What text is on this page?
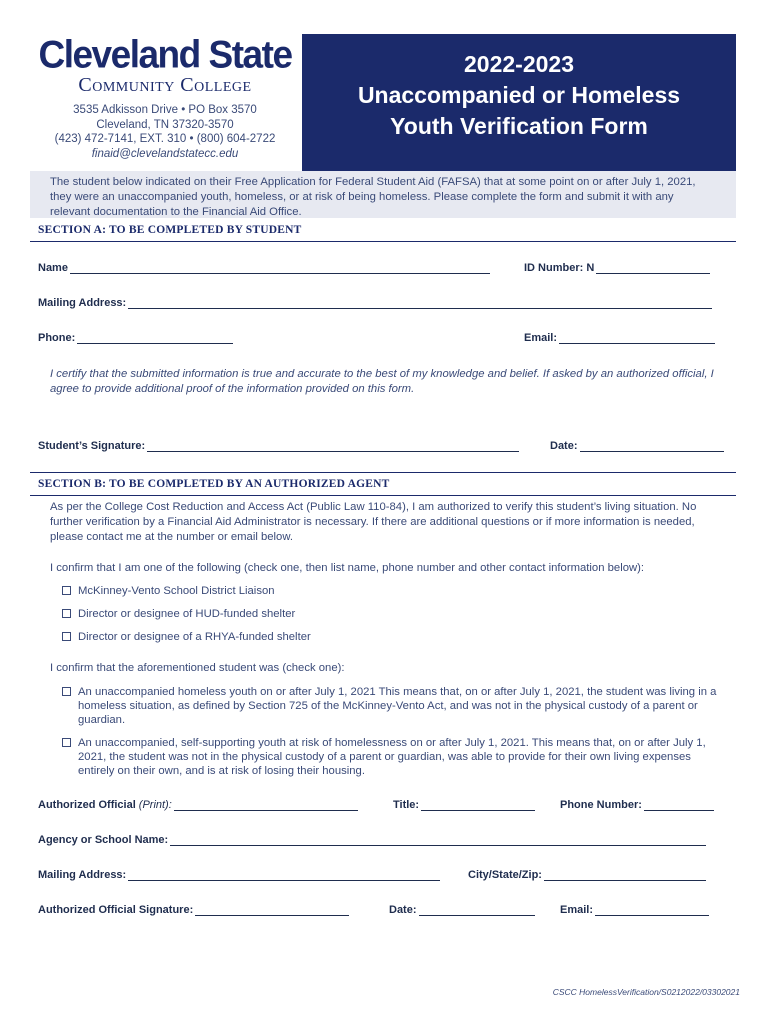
Cleveland State
Community College
3535 Adkisson Drive • PO Box 3570
Cleveland, TN 37320-3570
(423) 472-7141, EXT. 310 • (800) 604-2722
finaid@clevelandstatecc.edu
2022-2023
Unaccompanied or Homeless
Youth Verification Form
The student below indicated on their Free Application for Federal Student Aid (FAFSA) that at some point on or after July 1, 2021, they were an unaccompanied youth, homeless, or at risk of being homeless. Please complete the form and submit it with any relevant documentation to the Financial Aid Office.
SECTION A: TO BE COMPLETED BY STUDENT
Name	ID Number: N
Mailing Address:
Phone:	Email:
I certify that the submitted information is true and accurate to the best of my knowledge and belief. If asked by an authorized official, I agree to provide additional proof of the information provided on this form.
Student’s Signature:	Date:
SECTION B: TO BE COMPLETED BY AN AUTHORIZED AGENT
As per the College Cost Reduction and Access Act (Public Law 110-84), I am authorized to verify this student’s living situation. No further verification by a Financial Aid Administrator is necessary. If there are additional questions or if more information is needed, please contact me at the number or email below.
I confirm that I am one of the following (check one, then list name, phone number and other contact information below):
McKinney-Vento School District Liaison
Director or designee of HUD-funded shelter
Director or designee of a RHYA-funded shelter
I confirm that the aforementioned student was (check one):
An unaccompanied homeless youth on or after July 1, 2021 This means that, on or after July 1, 2021, the student was living in a homeless situation, as defined by Section 725 of the McKinney-Vento Act, and was not in the physical custody of a parent or guardian.
An unaccompanied, self-supporting youth at risk of homelessness on or after July 1, 2021. This means that, on or after July 1, 2021, the student was not in the physical custody of a parent or guardian, was able to provide for their own living expenses entirely on their own, and is at risk of losing their housing.
Authorized Official (Print):	Title:	Phone Number:
Agency or School Name:
Mailing Address:	City/State/Zip:
Authorized Official Signature:	Date:	Email:
CSCC HomelessVerification/S0212022/03302021
